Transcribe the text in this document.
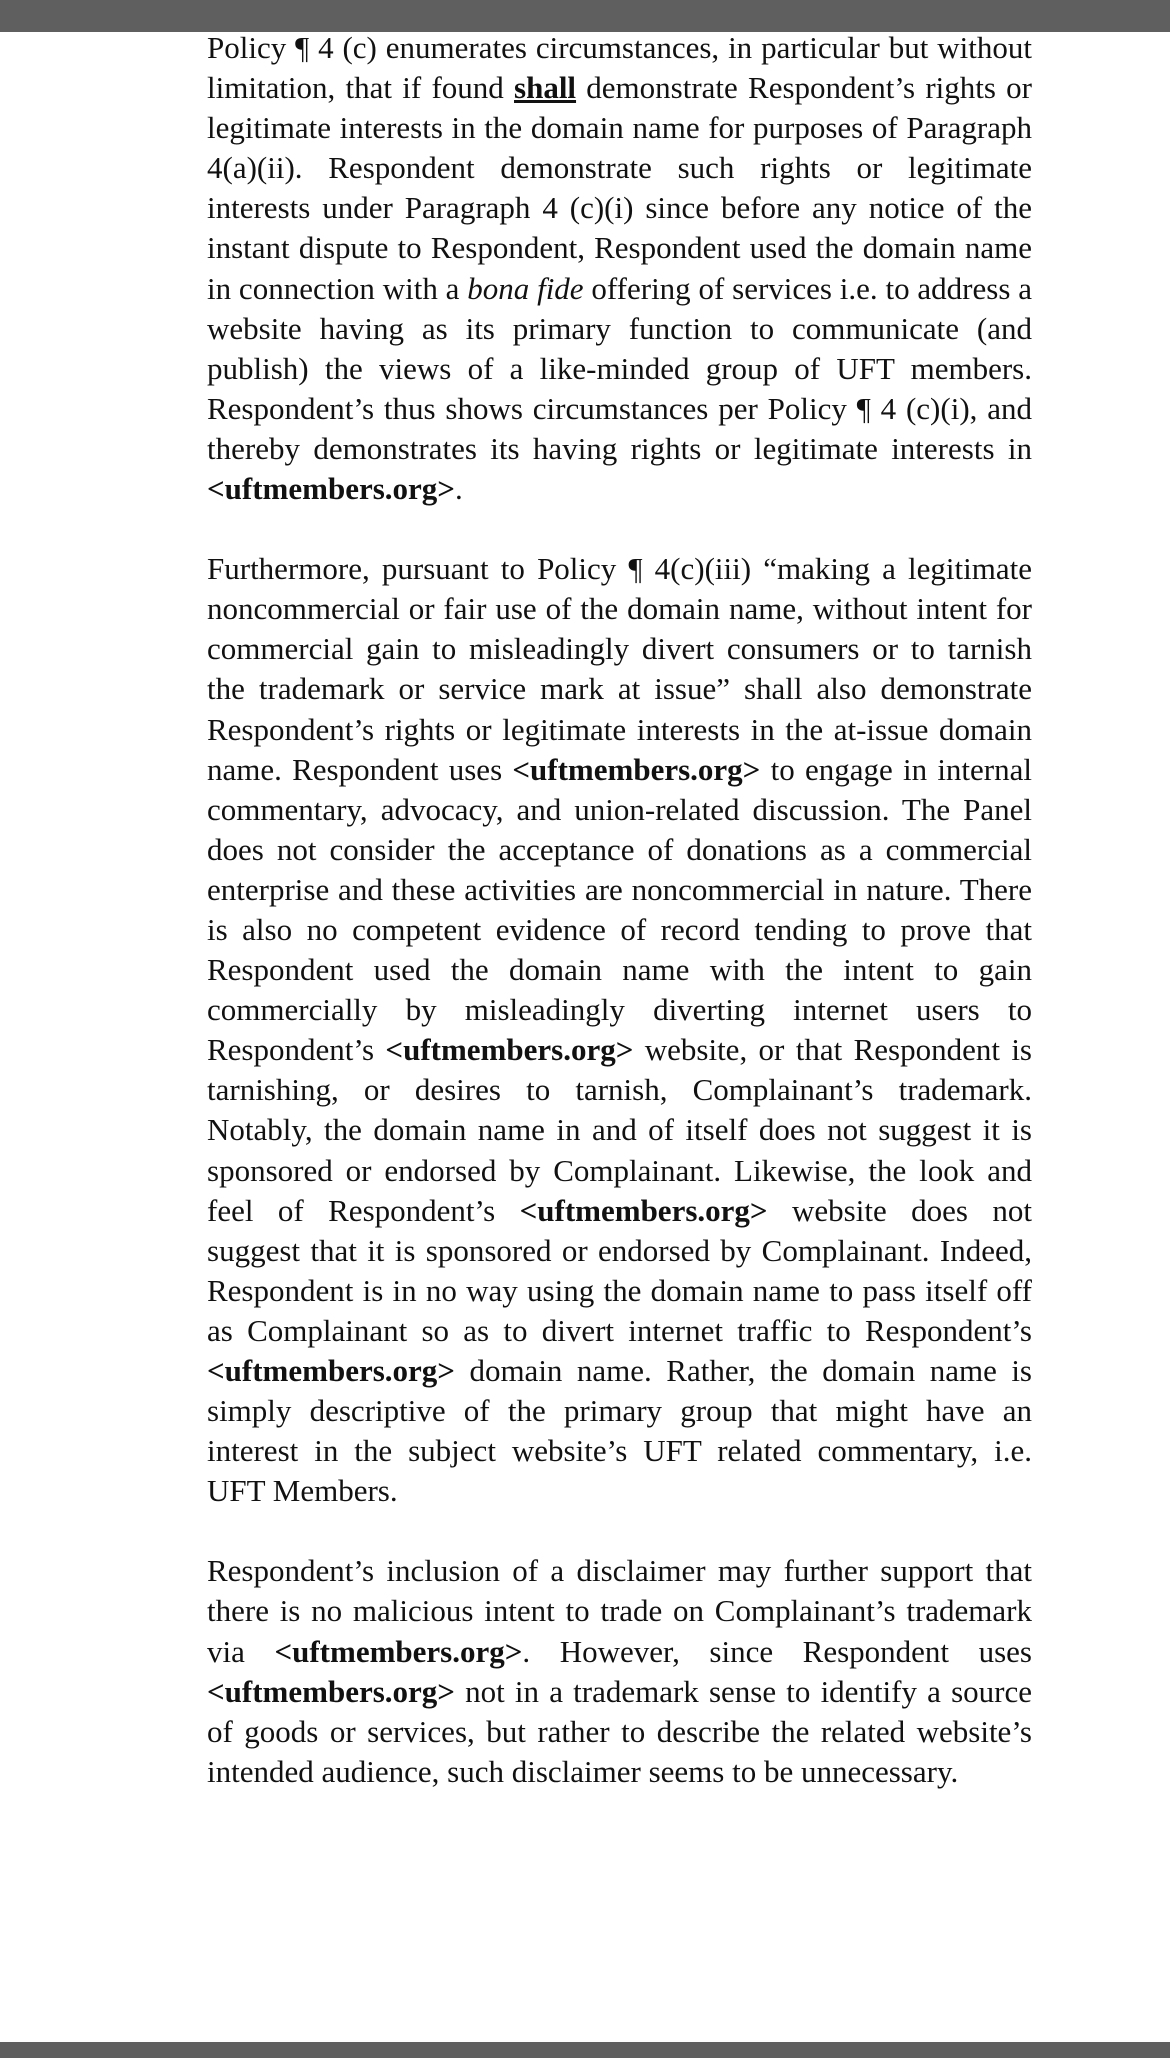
Policy ¶ 4 (c) enumerates circumstances, in particular but without limitation, that if found shall demonstrate Respondent’s rights or legitimate interests in the domain name for purposes of Paragraph 4(a)(ii). Respondent demonstrate such rights or legitimate interests under Paragraph 4 (c)(i) since before any notice of the instant dispute to Respondent, Respondent used the domain name in connection with a bona fide offering of services i.e. to address a website having as its primary function to communicate (and publish) the views of a like-minded group of UFT members. Respondent’s thus shows circumstances per Policy ¶ 4 (c)(i), and thereby demonstrates its having rights or legitimate interests in <uftmembers.org>.

Furthermore, pursuant to Policy ¶ 4(c)(iii) “making a legitimate noncommercial or fair use of the domain name, without intent for commercial gain to misleadingly divert consumers or to tarnish the trademark or service mark at issue” shall also demonstrate Respondent’s rights or legitimate interests in the at-issue domain name. Respondent uses <uftmembers.org> to engage in internal commentary, advocacy, and union-related discussion. The Panel does not consider the acceptance of donations as a commercial enterprise and these activities are noncommercial in nature. There is also no competent evidence of record tending to prove that Respondent used the domain name with the intent to gain commercially by misleadingly diverting internet users to Respondent’s <uftmembers.org> website, or that Respondent is tarnishing, or desires to tarnish, Complainant’s trademark. Notably, the domain name in and of itself does not suggest it is sponsored or endorsed by Complainant. Likewise, the look and feel of Respondent’s <uftmembers.org> website does not suggest that it is sponsored or endorsed by Complainant. Indeed, Respondent is in no way using the domain name to pass itself off as Complainant so as to divert internet traffic to Respondent’s <uftmembers.org> domain name. Rather, the domain name is simply descriptive of the primary group that might have an interest in the subject website’s UFT related commentary, i.e. UFT Members.

Respondent’s inclusion of a disclaimer may further support that there is no malicious intent to trade on Complainant’s trademark via <uftmembers.org>. However, since Respondent uses <uftmembers.org> not in a trademark sense to identify a source of goods or services, but rather to describe the related website’s intended audience, such disclaimer seems to be unnecessary.
